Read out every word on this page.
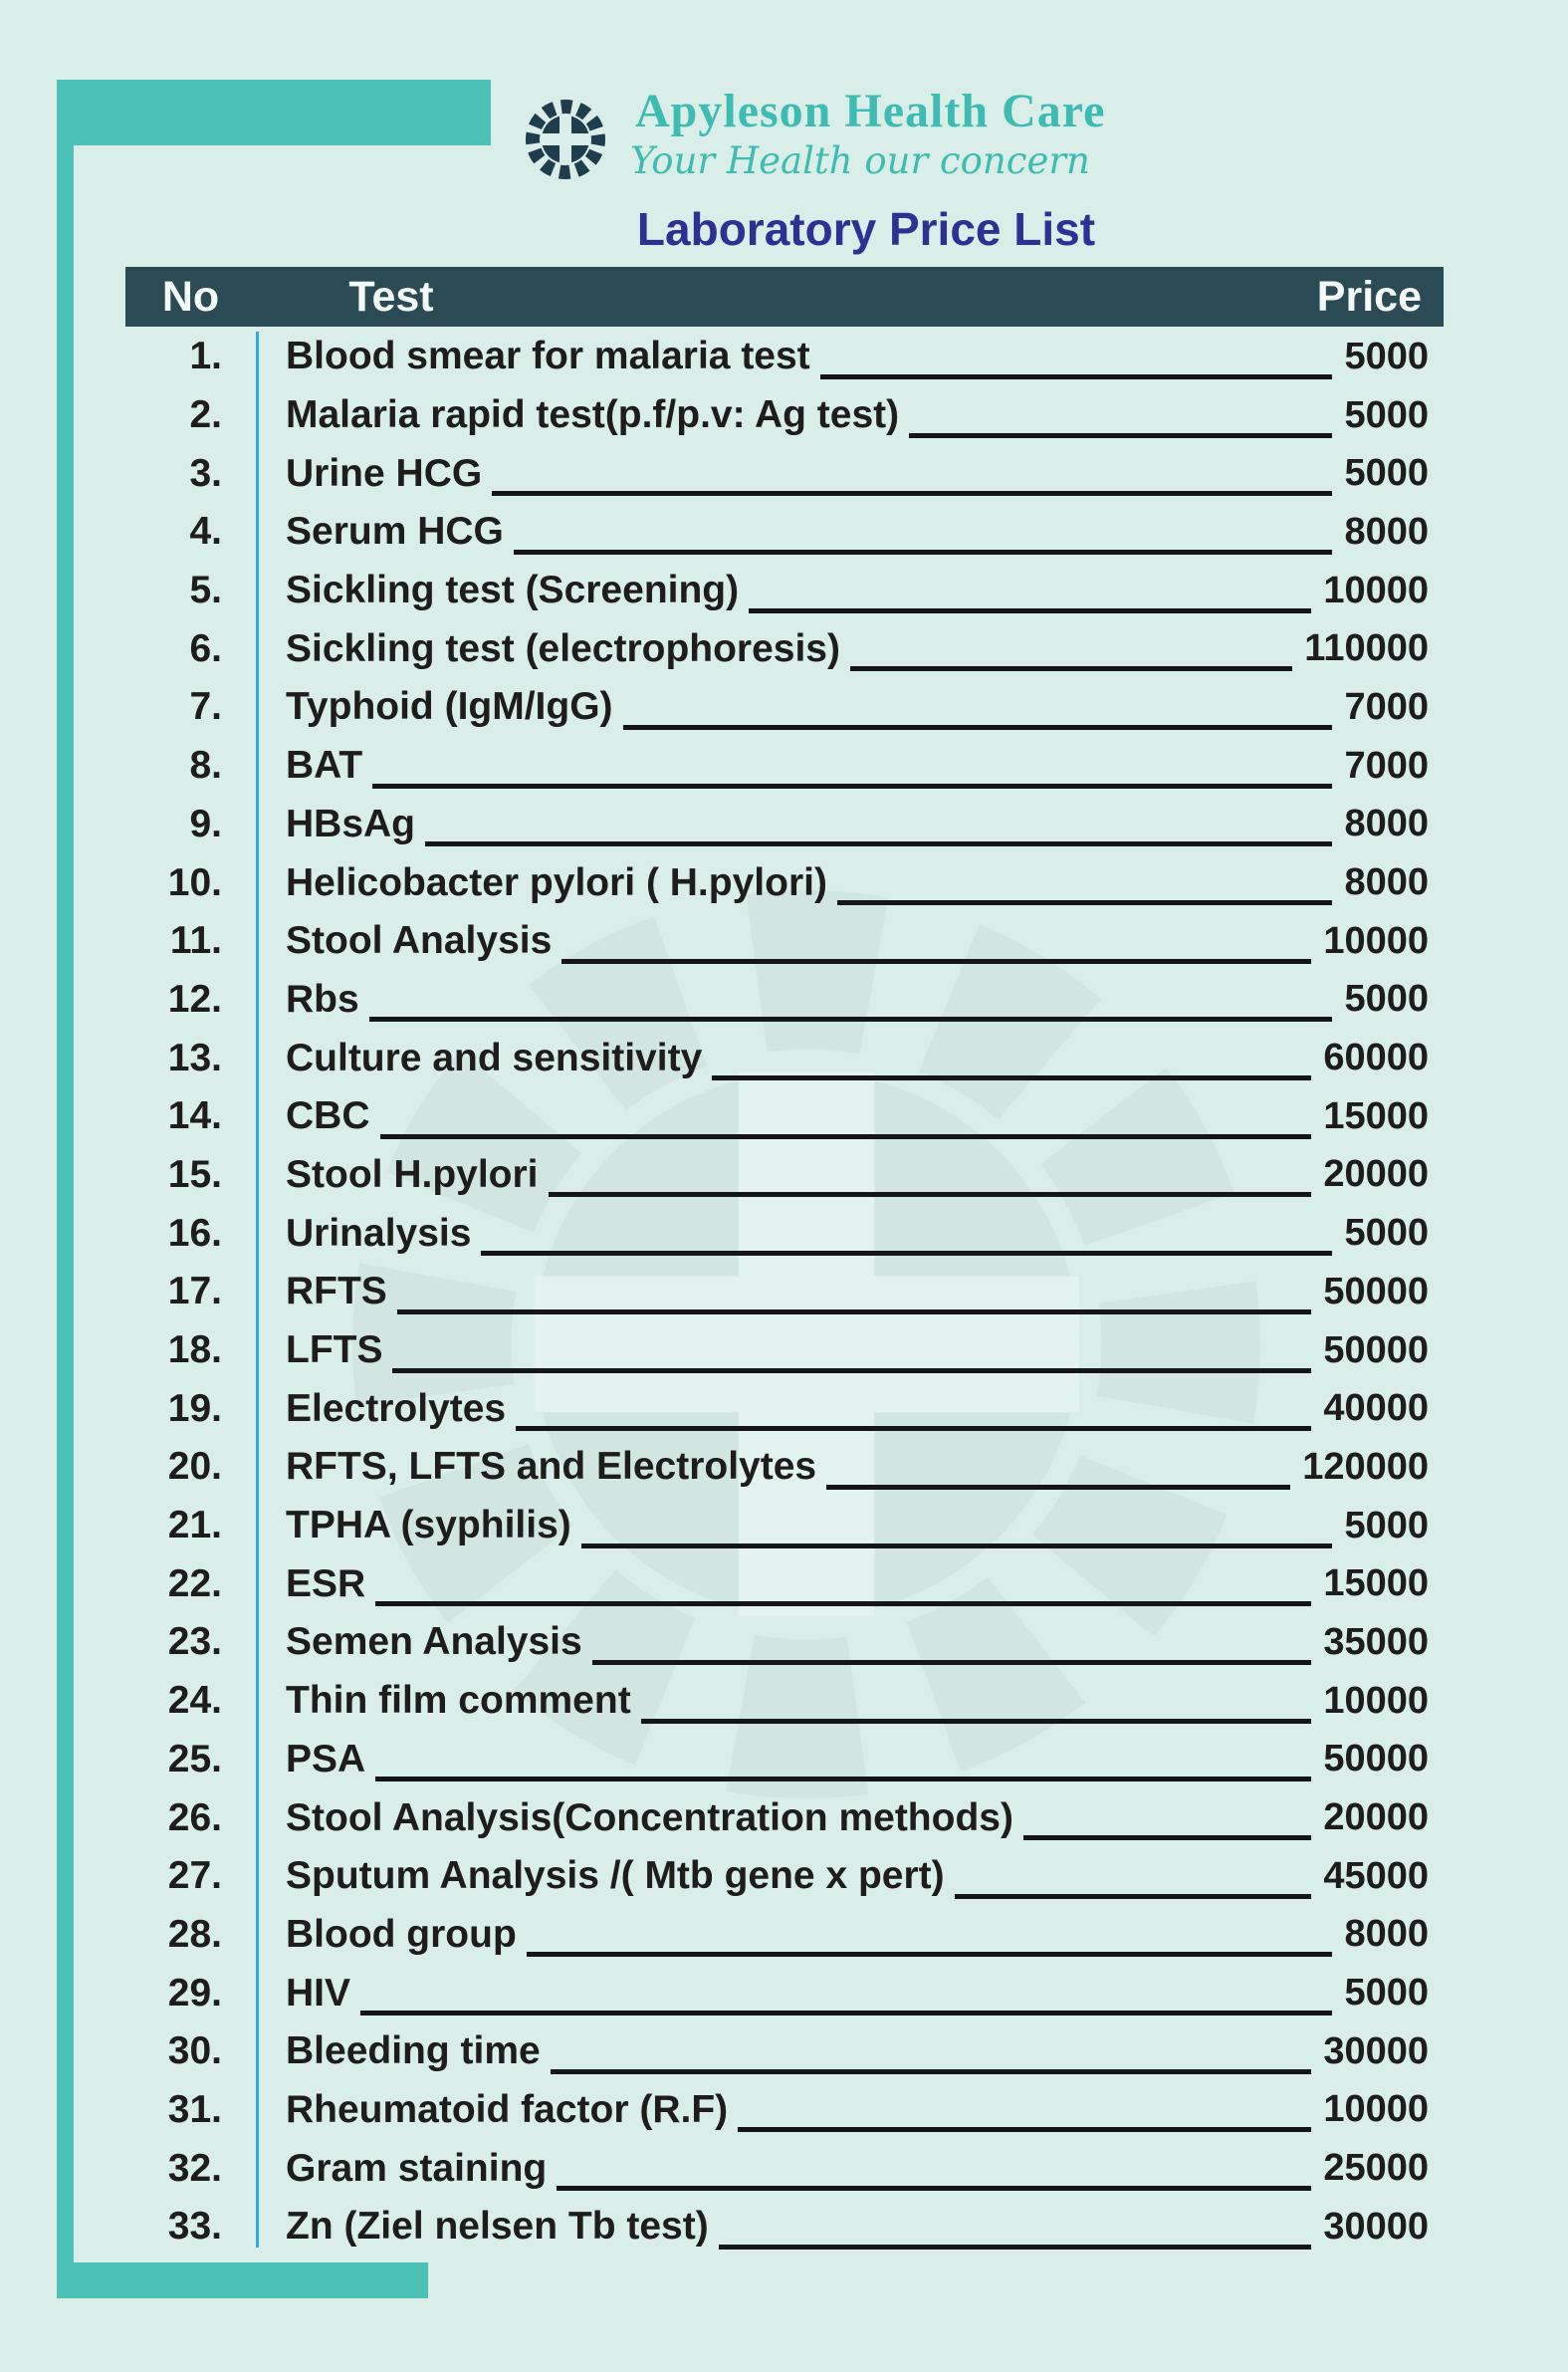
Apyleson Health Care
Your Health our concern
Laboratory Price List
No	Test	Price
1.	Blood smear for malaria test	5000
2.	Malaria rapid test(p.f/p.v: Ag test)	5000
3.	Urine HCG	5000
4.	Serum HCG	8000
5.	Sickling test (Screening)	10000
6.	Sickling test (electrophoresis)	110000
7.	Typhoid (IgM/IgG)	7000
8.	BAT	7000
9.	HBsAg	8000
10.	Helicobacter pylori ( H.pylori)	8000
11.	Stool Analysis	10000
12.	Rbs	5000
13.	Culture and sensitivity	60000
14.	CBC	15000
15.	Stool H.pylori	20000
16.	Urinalysis	5000
17.	RFTS	50000
18.	LFTS	50000
19.	Electrolytes	40000
20.	RFTS, LFTS and Electrolytes	120000
21.	TPHA (syphilis)	5000
22.	ESR	15000
23.	Semen Analysis	35000
24.	Thin film comment	10000
25.	PSA	50000
26.	Stool Analysis(Concentration methods)	20000
27.	Sputum Analysis /( Mtb gene x pert)	45000
28.	Blood group	8000
29.	HIV	5000
30.	Bleeding time	30000
31.	Rheumatoid factor (R.F)	10000
32.	Gram staining	25000
33.	Zn (Ziel nelsen Tb test)	30000
